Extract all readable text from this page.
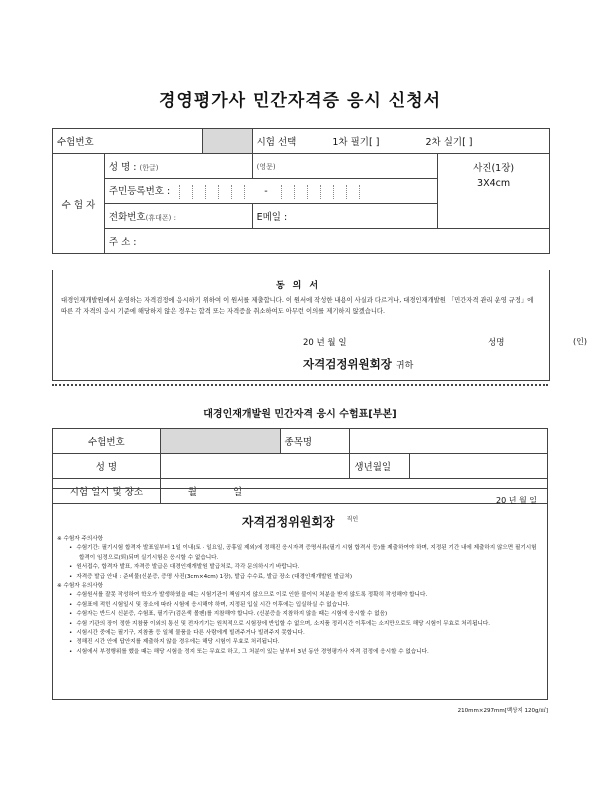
경영평가사 민간자격증 응시 신청서
수험번호			시험 선택 1차 필기[ ] 2차 실기[ ]	
수 험 자	성 명 : (한글)		(영문)	사진(1장)
3X4cm

	주민등록번호 : -			

	전화번호(휴대폰) :		E메일 :	
	주 소 :			
동의서
대경인재개발원에서 운영하는 자격검정에 응시하기 위하여 이 원서를 제출합니다. 이 원서에 작성한 내용이 사실과 다르거나, 대경인재개발원 「민간자격 관리 운영 규정」에 따른 각 자격의 응시 기준에 해당하지 않은 경우는 합격 또는 자격증을 취소하여도 아무런 이의를 제기하지 않겠습니다.
20 년 월 일	성명	(인)
자격검정위원회장 귀하
대경인재개발원 민간자격 응시 수험표[부본]
수험번호		종목명		
성 명			생년월일	
시험 일시 및 장소	월 일			
20 년 월 일
자격검정위원회장 $^{직인}$

※ 수험자 주의사항

• 수험기간: 필기시험 합격자 발표일부터 1일 이내(토 · 일요일, 공휴일 제외)에 정해진 응시자격 증명서류(필기 시험 합격서 등)를 제출하여야 하며, 지정된 기간 내에 제출하지 않으면 필기시험 합격이 임정으로(퇴)되며 실기시험은 응시할 수 없습니다.
• 원서접수, 합격자 발표, 자격증 발급은 대경인재개발원 발급처로, 각각 문의하시기 바랍니다.
• 자격증 발급 안내 : 준비물(신분증, 증명 사진(3cm×4cm) 1장), 발급 수수료, 발급 장소 (대경인재개발원 발급처)

※ 수험자 유의사항

• 수험원서를 잘못 작성하여 학오가 발생하였을 때는 시험기관이 책임지지 않으므로 이로 인한 불이익 처분을 받지 않도록 정확히 작성해야 합니다.
• 수험표에 적힌 시험일시 및 장소에 따라 시험에 응시해야 하며, 지정된 입실 시간 이후에는 입실하실 수 없습니다.
• 수험자는 반드시 신분증, 수험표, 필기구(검은색 볼펜)를 지참해야 합니다. (신분증을 지참하지 않을 때는 시험에 응시할 수 없음)
• 수험 기관의 장이 정한 지참품 이외의 통신 및 전자기기는 원칙적으로 시험장에 반입할 수 없으며, 소지품 정리시간 이후에는 소지만으로도 해당 시험이 무효로 처리됩니다.
• 시험시간 중에는 필기구, 지참품 등 일체 물품을 다른 사람에게 빌려주거나 빌려주지 못합니다.
• 정해진 시간 안에 답안지를 제출하지 않을 경우에는 해당 시험이 무효로 처리됩니다.
• 시험에서 부정행위를 했을 때는 해당 시험을 정지 또는 무효로 하고, 그 처분이 있는 날부터 3년 동안 경영평가사 자격 검정에 응시할 수 없습니다.
210mm×297mm[백상지 120g/㎡]
